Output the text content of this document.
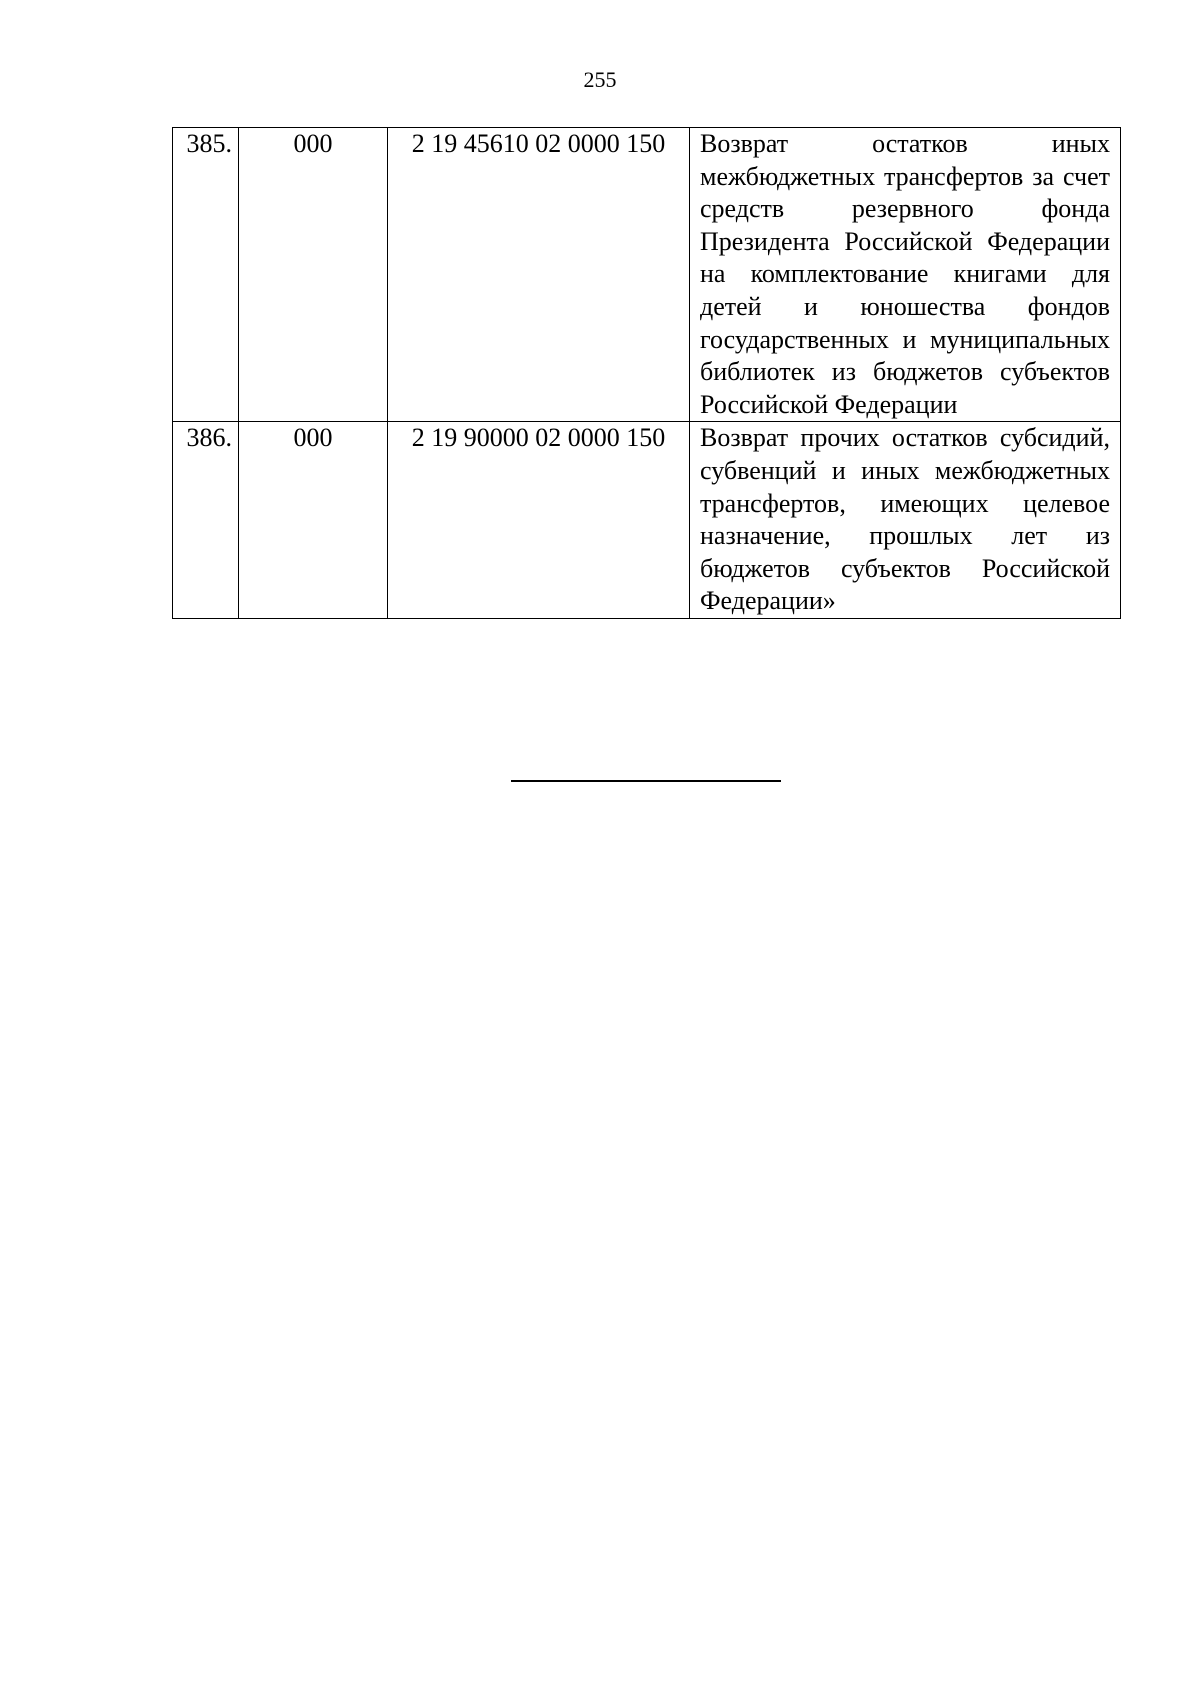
255
385.	000	2 19 45610 02 0000 150	Возврат остатков иных межбюджетных трансфертов за счет средств резервного фонда Президента Российской Федерации на комплектование книгами для детей и юношества фондов государственных и муниципальных библиотек из бюджетов субъектов Российской Федерации
386.	000	2 19 90000 02 0000 150	Возврат прочих остатков субсидий, субвенций и иных межбюджетных трансфертов, имеющих целевое назначение, прошлых лет из бюджетов субъектов Российской Федерации»
